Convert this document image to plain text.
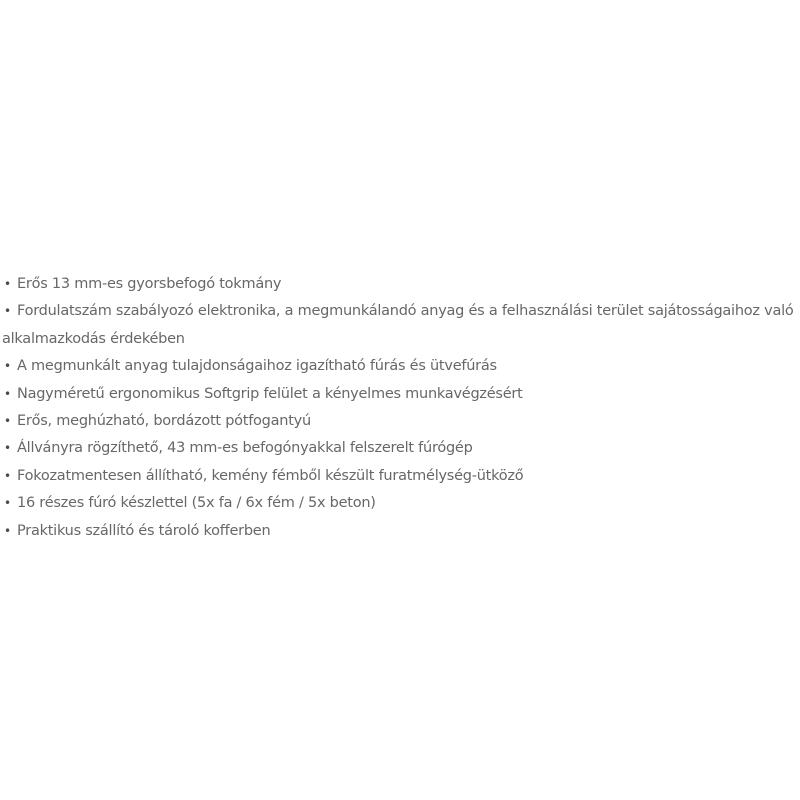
• Erős 13 mm-es gyorsbefogó tokmány
• Fordulatszám szabályozó elektronika, a megmunkálandó anyag és a felhasználási terület sajátosságaihoz való alkalmazkodás érdekében
• A megmunkált anyag tulajdonságaihoz igazítható fúrás és ütvefúrás
• Nagyméretű ergonomikus Softgrip felület a kényelmes munkavégzésért
• Erős, meghúzható, bordázott pótfogantyú
• Állványra rögzíthető, 43 mm-es befogónyakkal felszerelt fúrógép
• Fokozatmentesen állítható, kemény fémből készült furatmélység-ütköző
• 16 részes fúró készlettel (5x fa / 6x fém / 5x beton)
• Praktikus szállító és tároló kofferben
